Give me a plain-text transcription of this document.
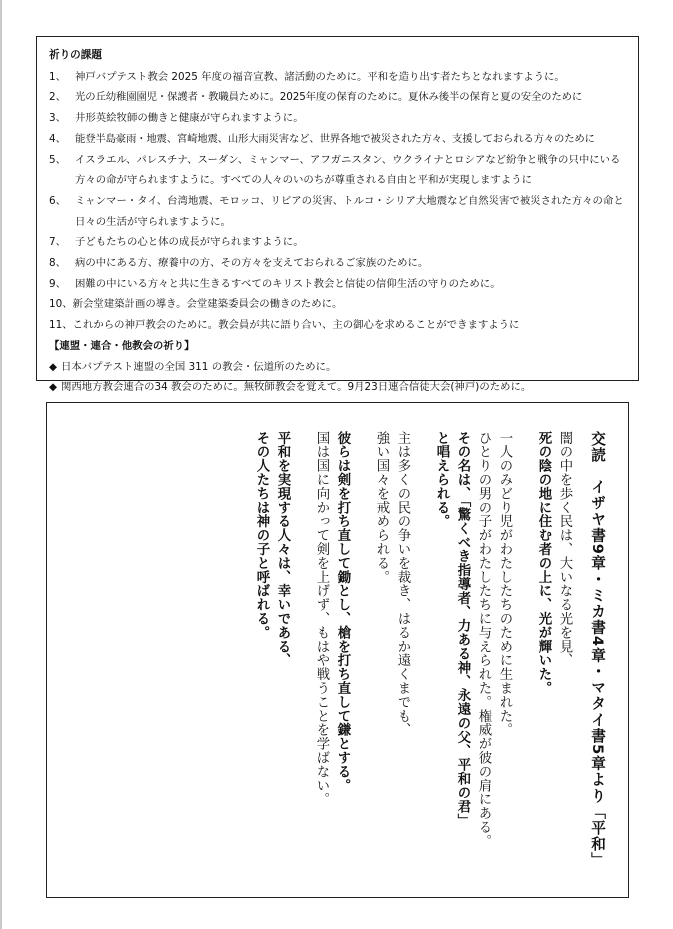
祈りの課題
1、 神戸バプテスト教会 2025 年度の福音宣教、諸活動のために。平和を造り出す者たちとなれますように。
2、 光の丘幼稚園園児・保護者・教職員ために。2025年度の保育のために。夏休み後半の保育と夏の安全のために
3、 井形英絵牧師の働きと健康が守られますように。
4、 能登半島豪雨・地震、宮崎地震、山形大雨災害など、世界各地で被災された方々、支援しておられる方々のために
5、 イスラエル、パレスチナ、スーダン、ミャンマー、アフガニスタン、ウクライナとロシアなど紛争と戦争の只中にいる方々の命が守られますように。すべての人々のいのちが尊重される自由と平和が実現しますように
6、 ミャンマー・タイ、台湾地震、モロッコ、リビアの災害、トルコ・シリア大地震など自然災害で被災された方々の命と日々の生活が守られますように。
7、 子どもたちの心と体の成長が守られますように。
8、 病の中にある方、療養中の方、その方々を支えておられるご家族のために。
9、 困難の中にいる方々と共に生きるすべてのキリスト教会と信徒の信仰生活の守りのために。
10、 新会堂建築計画の導き。会堂建築委員会の働きのために。
11、 これからの神戸教会のために。教会員が共に語り合い、主の御心を求めることができますように
【連盟・連合・他教会の祈り】
◆ 日本バプテスト連盟の全国 311 の教会・伝道所のために。
◆ 関西地方教会連合の34 教会のために。無牧師教会を覚えて。9月23日連合信徒大会(神戸)のために。
交読　イザヤ書9章・ミカ書4章・マタイ書5章より「平和」
闇の中を歩く民は、大いなる光を見、
死の陰の地に住む者の上に、光が輝いた。
一人のみどり児がわたしたちのために生まれた。
ひとりの男の子がわたしたちに与えられた。権威が彼の肩にある。
その名は、「驚くべき指導者、力ある神、永遠の父、平和の君」
と唱えられる。
主は多くの民の争いを裁き、はるか遠くまでも、
強い国々を戒められる。
彼らは剣を打ち直して鋤とし、槍を打ち直して鎌とする。
国は国に向かって剣を上げず、もはや戦うことを学ばない。
平和を実現する人々は、幸いである、
その人たちは神の子と呼ばれる。
